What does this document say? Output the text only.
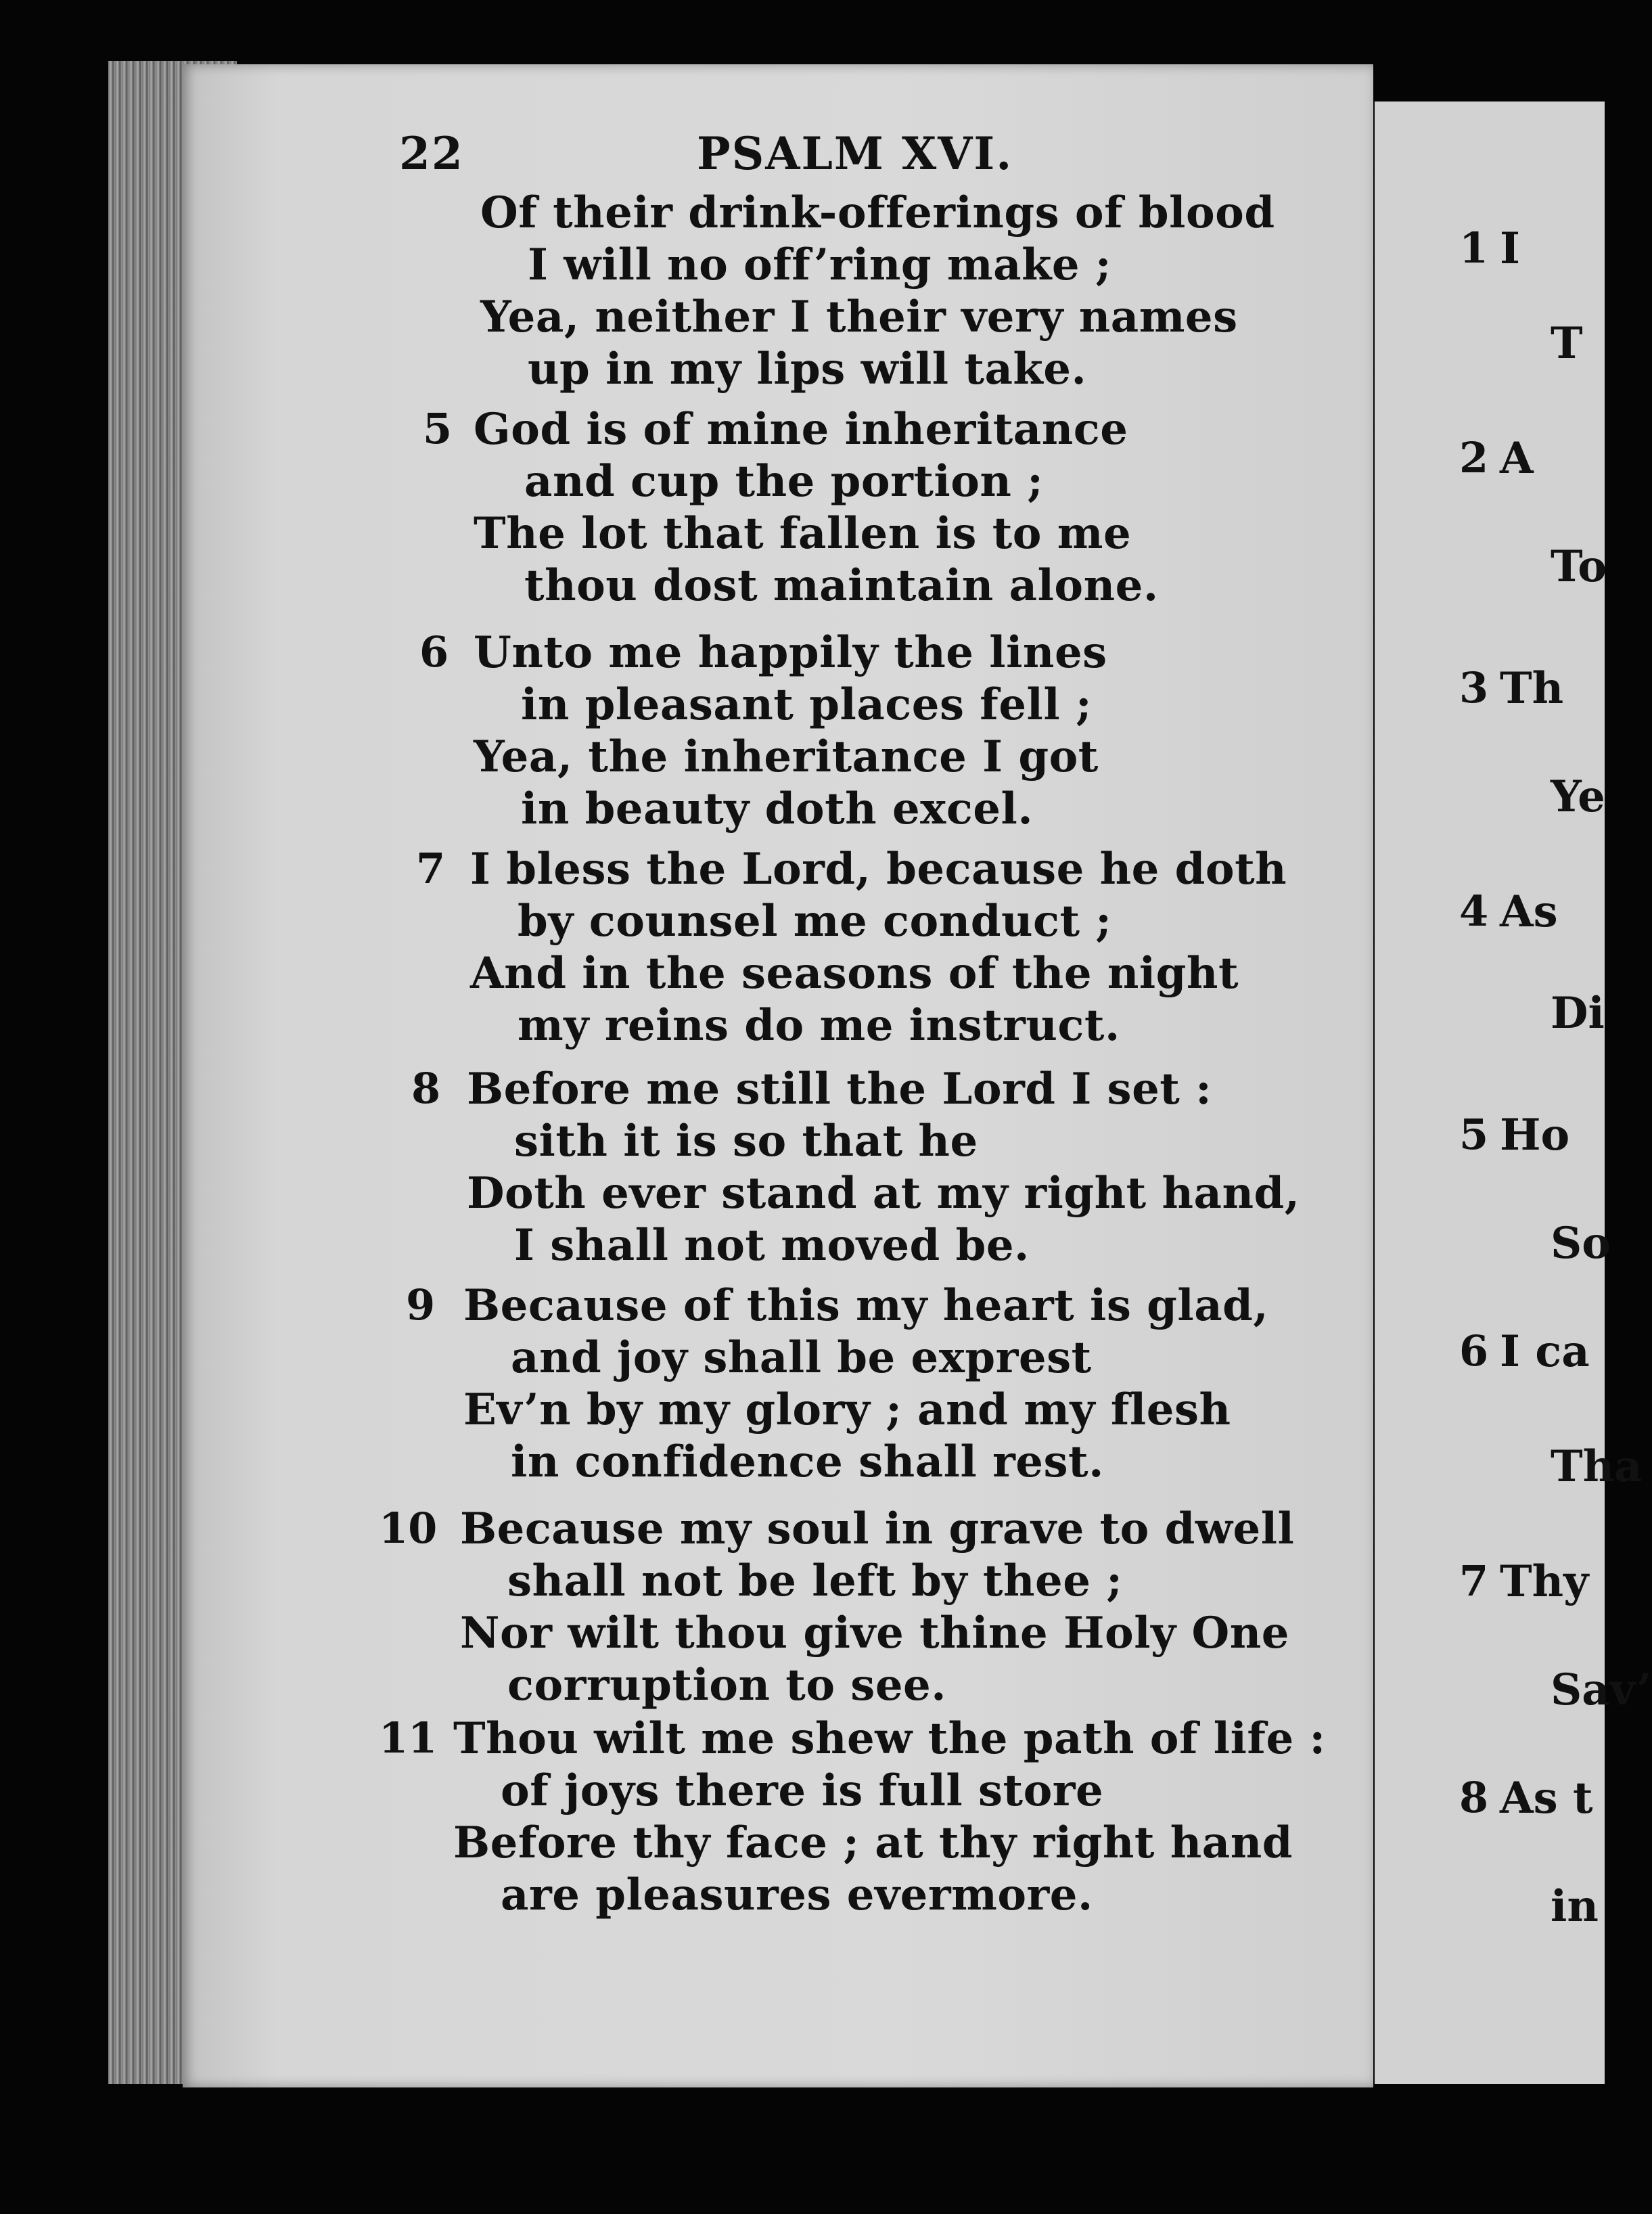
1 I
T
2 A
To
3 Th
Ye
4 As
Di
5 Ho
So
6 I ca
Tha
7 Thy
Sav’
8 As t
in
22	PSALM XVI.
Of their drink-offerings of blood
I will no off’ring make ;
Yea, neither I their very names
up in my lips will take.
5 God is of mine inheritance
and cup the portion ;
The lot that fallen is to me
thou dost maintain alone.
6 Unto me happily the lines
in pleasant places fell ;
Yea, the inheritance I got
in beauty doth excel.
7 I bless the Lord, because he doth
by counsel me conduct ;
And in the seasons of the night
my reins do me instruct.
8 Before me still the Lord I set :
sith it is so that he
Doth ever stand at my right hand,
I shall not moved be.
9 Because of this my heart is glad,
and joy shall be exprest
Ev’n by my glory ; and my flesh
in confidence shall rest.
10 Because my soul in grave to dwell
shall not be left by thee ;
Nor wilt thou give thine Holy One
corruption to see.
11 Thou wilt me shew the path of life :
of joys there is full store
Before thy face ; at thy right hand
are pleasures evermore.
